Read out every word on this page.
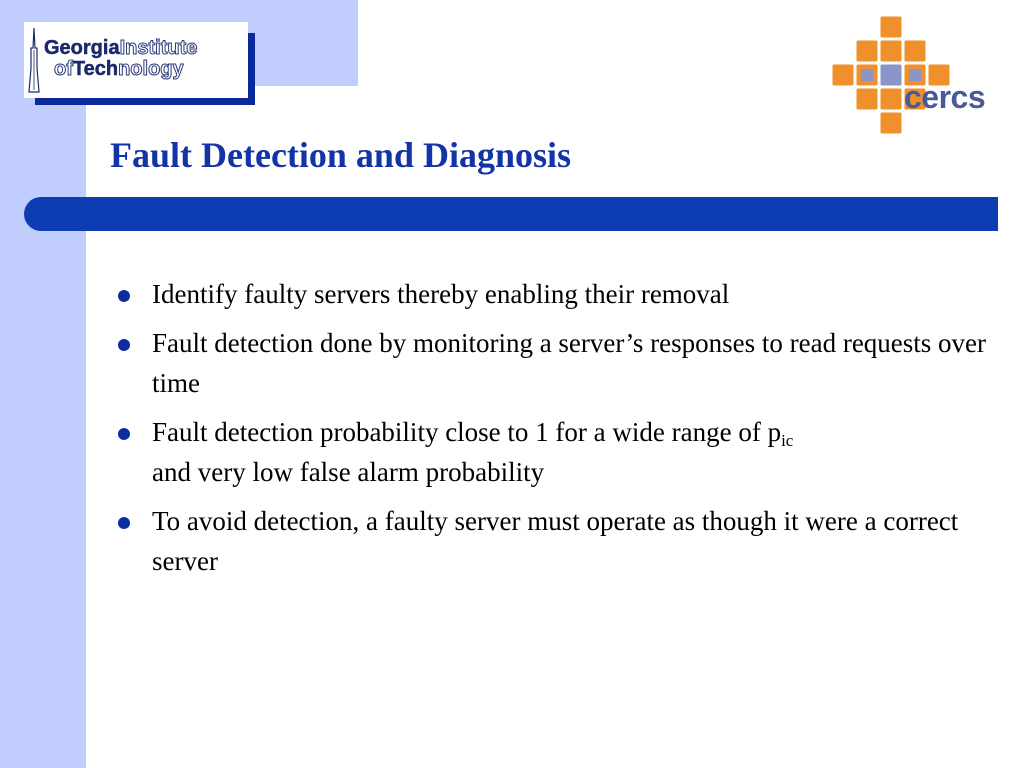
GeorgiaInstitute
ofTechnology
cercs
Fault Detection and Diagnosis
Identify faulty servers thereby enabling their removal
Fault detection done by monitoring a server’s responses to read requests over time
Fault detection probability close to 1 for a wide range of $p_{ic}$
and very low false alarm probability
To avoid detection, a faulty server must operate as though it were a correct server
